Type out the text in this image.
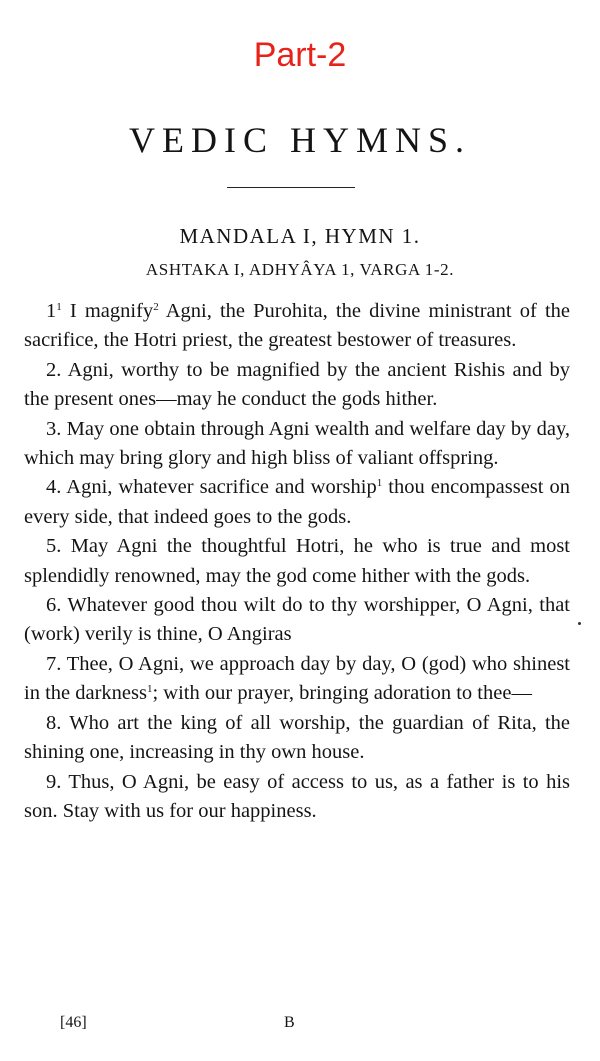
Part-2
VEDIC HYMNS.
MANDALA I, HYMN 1.
ASHTAKA I, ADHYÂYA 1, VARGA 1-2.

1$^1$ I magnify$^2$ Agni, the Purohita, the divine ministrant of the sacrifice, the Hotri priest, the greatest bestower of treasures.

2. Agni, worthy to be magnified by the ancient Rishis and by the present ones—may he conduct the gods hither.

3. May one obtain through Agni wealth and welfare day by day, which may bring glory and high bliss of valiant offspring.

4. Agni, whatever sacrifice and worship$^1$ thou encompassest on every side, that indeed goes to the gods.

5. May Agni the thoughtful Hotri, he who is true and most splendidly renowned, may the god come hither with the gods.

6. Whatever good thou wilt do to thy worshipper, O Agni, that (work) verily is thine, O Angiras

7. Thee, O Agni, we approach day by day, O (god) who shinest in the darkness$^1$; with our prayer, bringing adoration to thee—

8. Who art the king of all worship, the guardian of Rita, the shining one, increasing in thy own house.

9. Thus, O Agni, be easy of access to us, as a father is to his son. Stay with us for our happiness.

[46]	B
